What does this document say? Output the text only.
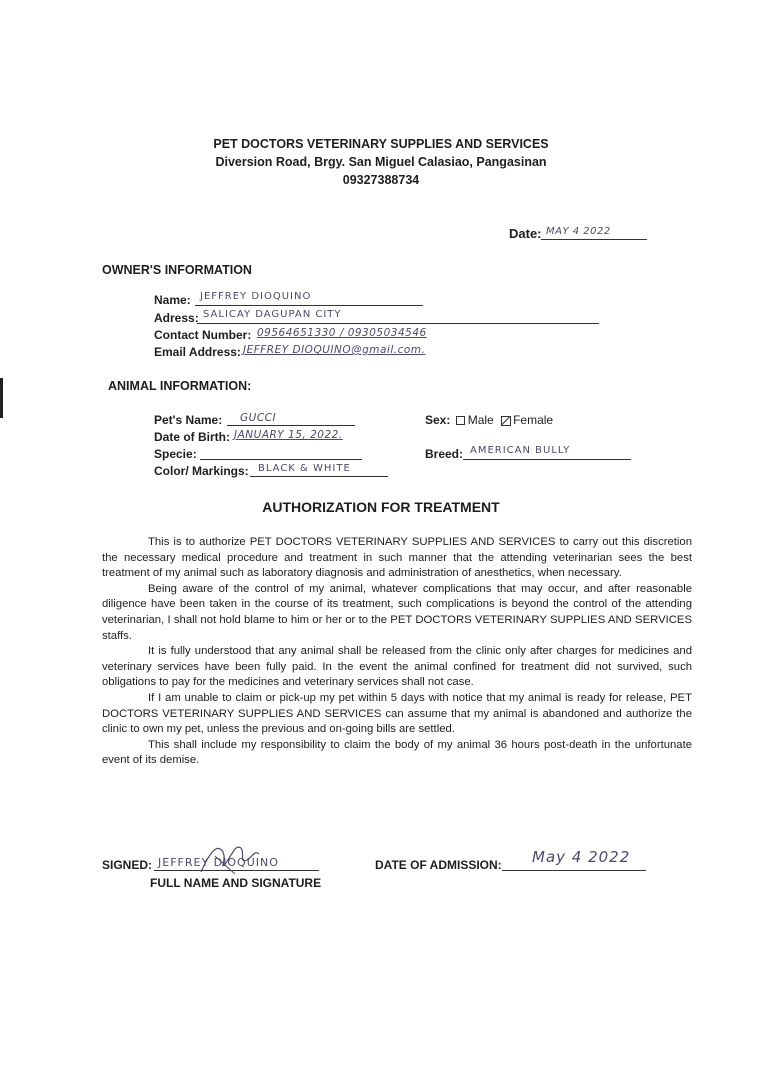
PET DOCTORS VETERINARY SUPPLIES AND SERVICES
Diversion Road, Brgy. San Miguel Calasiao, Pangasinan
09327388734
Date: MAY 4 2022
OWNER'S INFORMATION
Name: JEFFREY DIOQUINO
Adress: SALICAY DAGUPAN CITY
Contact Number: 09564651330 / 09305034546
Email Address: JEFFREY DIOQUINO@gmail.com.
ANIMAL INFORMATION:
Pet's Name: GUCCI	Sex: Male Female
Date of Birth: JANUARY 15, 2022.
Specie:	Breed: AMERICAN BULLY
Color/ Markings: BLACK & WHITE
AUTHORIZATION FOR TREATMENT

This is to authorize PET DOCTORS VETERINARY SUPPLIES AND SERVICES to carry out this discretion the necessary medical procedure and treatment in such manner that the attending veterinarian sees the best treatment of my animal such as laboratory diagnosis and administration of anesthetics, when necessary.

Being aware of the control of my animal, whatever complications that may occur, and after reasonable diligence have been taken in the course of its treatment, such complications is beyond the control of the attending veterinarian, I shall not hold blame to him or her or to the PET DOCTORS VETERINARY SUPPLIES AND SERVICES staffs.

It is fully understood that any animal shall be released from the clinic only after charges for medicines and veterinary services have been fully paid. In the event the animal confined for treatment did not survived, such obligations to pay for the medicines and veterinary services shall not case.

If I am unable to claim or pick-up my pet within 5 days with notice that my animal is ready for release, PET DOCTORS VETERINARY SUPPLIES AND SERVICES can assume that my animal is abandoned and authorize the clinic to own my pet, unless the previous and on-going bills are settled.

This shall include my responsibility to claim the body of my animal 36 hours post-death in the unfortunate event of its demise.

SIGNED: JEFFREY DIOQUINO
FULL NAME AND SIGNATURE
DATE OF ADMISSION: May 4 2022
